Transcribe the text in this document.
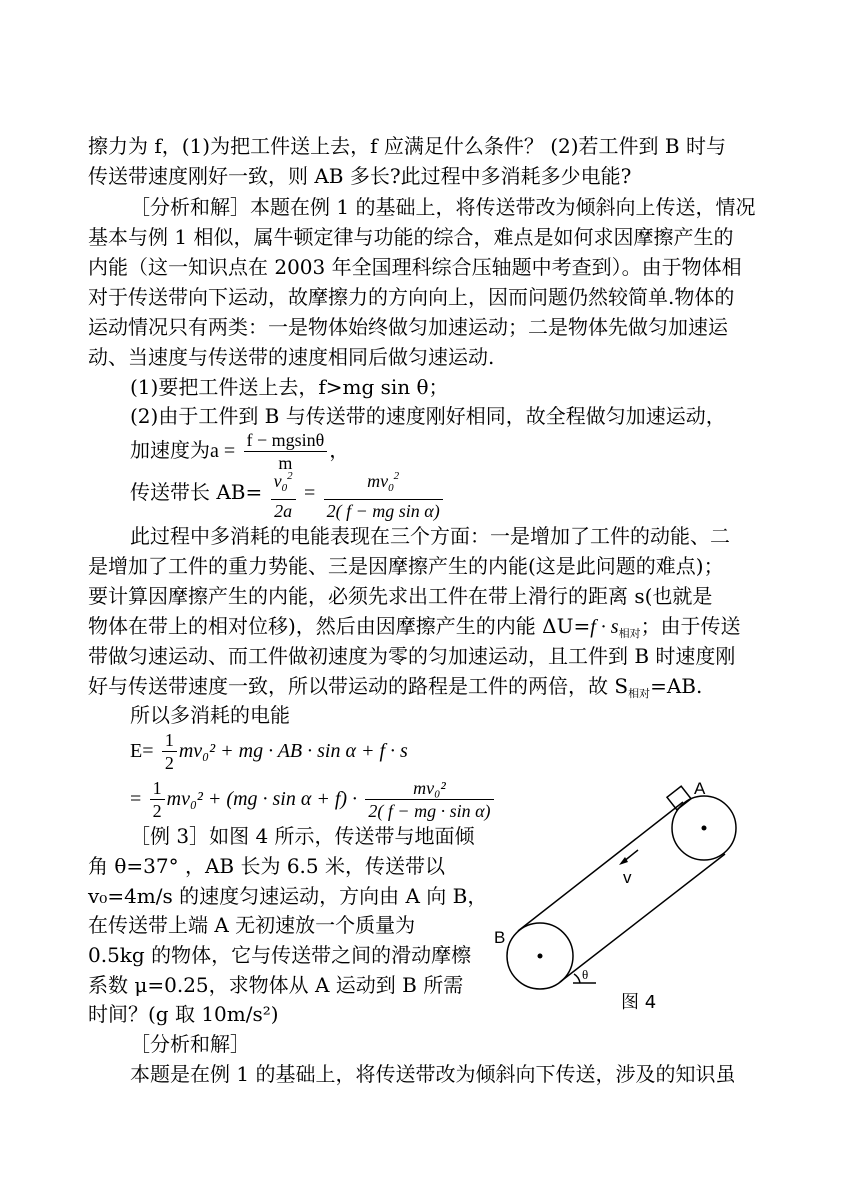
擦力为 f，(1)为把工件送上去，f 应满足什么条件？ (2)若工件到 B 时与
传送带速度刚好一致，则 AB 多长?此过程中多消耗多少电能?
［分析和解］本题在例 1 的基础上，将传送带改为倾斜向上传送，情况
基本与例 1 相似，属牛顿定律与功能的综合，难点是如何求因摩擦产生的
内能（这一知识点在 2003 年全国理科综合压轴题中考查到）。由于物体相
对于传送带向下运动，故摩擦力的方向向上，因而问题仍然较简单.物体的
运动情况只有两类：一是物体始终做匀加速运动；二是物体先做匀加速运
动、当速度与传送带的速度相同后做匀速运动.
(1)要把工件送上去，f>mg sin θ；
(2)由于工件到 B 与传送带的速度刚好相同，故全程做匀加速运动，
加速度为$a = \frac{f - mgsin\theta}{m}$ ，
传送带长 $AB= \frac{v_0^2}{2a} = \frac{mv_0^2}{\text{2( f − mg sin α)}}$
此过程中多消耗的电能表现在三个方面：一是增加了工件的动能、二
是增加了工件的重力势能、三是因摩擦产生的内能(这是此问题的难点)；
要计算因摩擦产生的内能，必须先求出工件在带上滑行的距离 s(也就是
物体在带上的相对位移)，然后由因摩擦产生的内能 $\Delta U=f \cdot s_{相对}$；由于传送
带做匀速运动、而工件做初速度为零的匀加速运动，且工件到 B 时速度刚
好与传送带速度一致，所以带运动的路程是工件的两倍，故 $S_{相对}=AB$.
所以多消耗的电能
$E= \frac{1}{2} mv_0^2$ + mg · AB · sin α + f · s
= $\frac{1}{2} mv_0^2 + (mg \cdot \sin \alpha + f) \cdot \frac{\text{mv₀²}}{\text{2( f − mg · sin α)}}$
［例 3］如图 4 所示，传送带与地面倾
角 θ=37° ，AB 长为 6.5 米，传送带以
v₀=4m/s 的速度匀速运动，方向由 A 向 B，
在传送带上端 A 无初速放一个质量为
0.5kg 的物体，它与传送带之间的滑动摩檫
系数 μ=0.25，求物体从 A 运动到 B 所需
时间？(g 取 10m/s²)
［分析和解］
本题是在例 1 的基础上，将传送带改为倾斜向下传送，涉及的知识虽
A
B
v
θ
图 4
